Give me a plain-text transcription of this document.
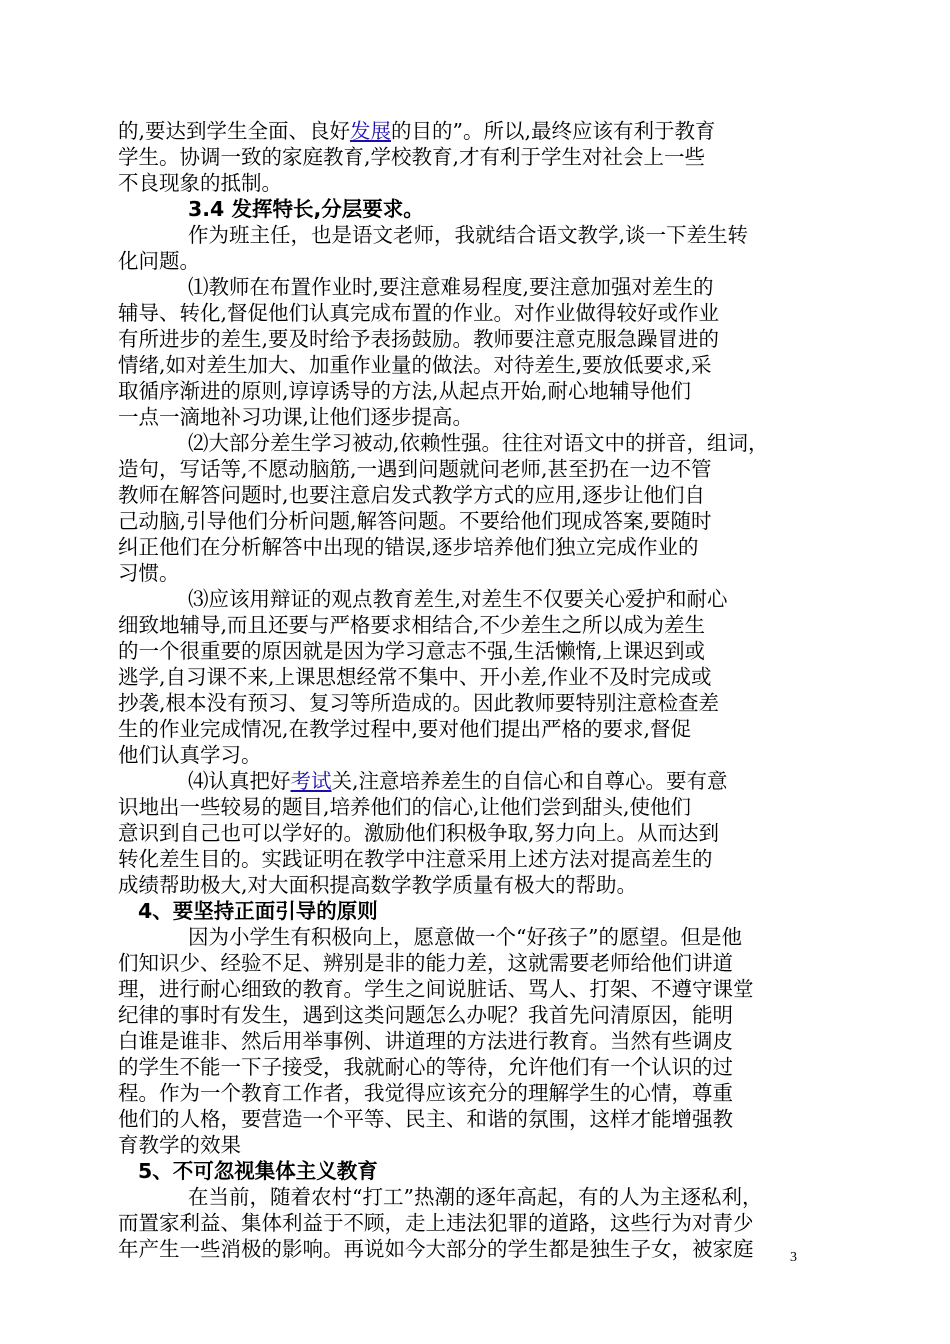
的,要达到学生全面、良好发展的目的”。所以,最终应该有利于教育
学生。协调一致的家庭教育,学校教育,才有利于学生对社会上一些
不良现象的抵制。
3.4 发挥特长,分层要求。
作为班主任，也是语文老师，我就结合语文教学,谈一下差生转
化问题。
⑴教师在布置作业时,要注意难易程度,要注意加强对差生的
辅导、转化,督促他们认真完成布置的作业。对作业做得较好或作业
有所进步的差生,要及时给予表扬鼓励。教师要注意克服急躁冒进的
情绪,如对差生加大、加重作业量的做法。对待差生,要放低要求,采
取循序渐进的原则,谆谆诱导的方法,从起点开始,耐心地辅导他们
一点一滴地补习功课,让他们逐步提高。
⑵大部分差生学习被动,依赖性强。往往对语文中的拼音，组词，
造句，写话等,不愿动脑筋,一遇到问题就问老师,甚至扔在一边不管
教师在解答问题时,也要注意启发式教学方式的应用,逐步让他们自
己动脑,引导他们分析问题,解答问题。不要给他们现成答案,要随时
纠正他们在分析解答中出现的错误,逐步培养他们独立完成作业的
习惯。
⑶应该用辩证的观点教育差生,对差生不仅要关心爱护和耐心
细致地辅导,而且还要与严格要求相结合,不少差生之所以成为差生
的一个很重要的原因就是因为学习意志不强,生活懒惰,上课迟到或
逃学,自习课不来,上课思想经常不集中、开小差,作业不及时完成或
抄袭,根本没有预习、复习等所造成的。因此教师要特别注意检查差
生的作业完成情况,在教学过程中,要对他们提出严格的要求,督促
他们认真学习。
⑷认真把好考试关,注意培养差生的自信心和自尊心。要有意
识地出一些较易的题目,培养他们的信心,让他们尝到甜头,使他们
意识到自己也可以学好的。激励他们积极争取,努力向上。从而达到
转化差生目的。实践证明在教学中注意采用上述方法对提高差生的
成绩帮助极大,对大面积提高数学教学质量有极大的帮助。
4、要坚持正面引导的原则
因为小学生有积极向上，愿意做一个“好孩子”的愿望。但是他
们知识少、经验不足、辨别是非的能力差，这就需要老师给他们讲道
理，进行耐心细致的教育。学生之间说脏话、骂人、打架、不遵守课堂
纪律的事时有发生，遇到这类问题怎么办呢？我首先问清原因，能明
白谁是谁非、然后用举事例、讲道理的方法进行教育。当然有些调皮
的学生不能一下子接受，我就耐心的等待，允许他们有一个认识的过
程。作为一个教育工作者，我觉得应该充分的理解学生的心情，尊重
他们的人格，要营造一个平等、民主、和谐的氛围，这样才能增强教
育教学的效果
5、不可忽视集体主义教育
在当前，随着农村“打工”热潮的逐年高起，有的人为主逐私利，
而置家利益、集体利益于不顾，走上违法犯罪的道路，这些行为对青少
年产生一些消极的影响。再说如今大部分的学生都是独生子女，被家庭	3
